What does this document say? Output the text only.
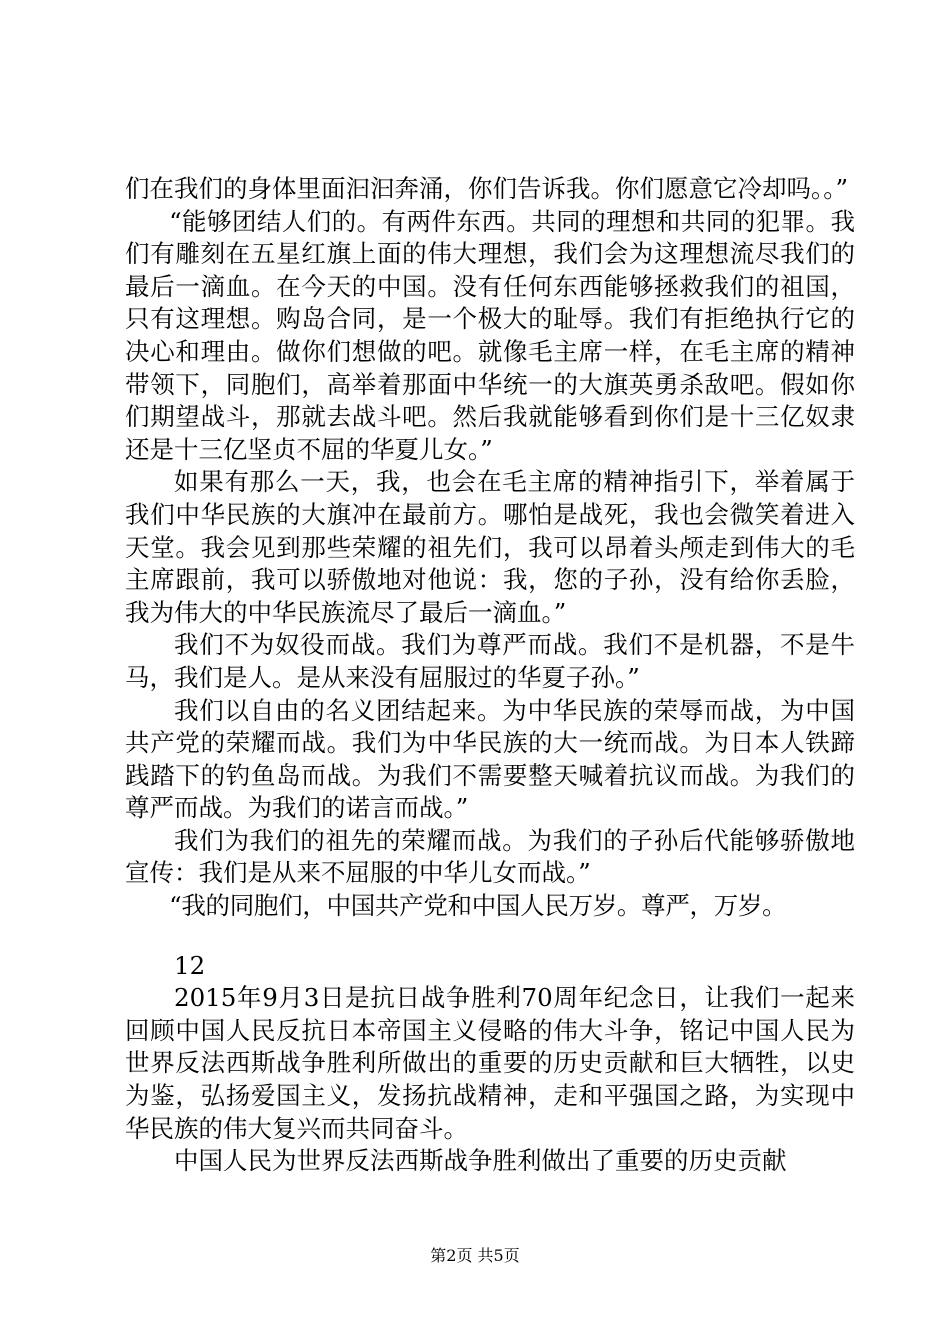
们在我们的身体里面汩汩奔涌，你们告诉我。你们愿意它冷却吗。。”

“能够团结人们的。有两件东西。共同的理想和共同的犯罪。我们有雕刻在五星红旗上面的伟大理想，我们会为这理想流尽我们的最后一滴血。在今天的中国。没有任何东西能够拯救我们的祖国，只有这理想。购岛合同，是一个极大的耻辱。我们有拒绝执行它的决心和理由。做你们想做的吧。就像毛主席一样，在毛主席的精神带领下，同胞们，高举着那面中华统一的大旗英勇杀敌吧。假如你们期望战斗，那就去战斗吧。然后我就能够看到你们是十三亿奴隶还是十三亿坚贞不屈的华夏儿女。”

如果有那么一天，我，也会在毛主席的精神指引下，举着属于我们中华民族的大旗冲在最前方。哪怕是战死，我也会微笑着进入天堂。我会见到那些荣耀的祖先们，我可以昂着头颅走到伟大的毛主席跟前，我可以骄傲地对他说：我，您的子孙，没有给你丢脸，我为伟大的中华民族流尽了最后一滴血。”

我们不为奴役而战。我们为尊严而战。我们不是机器，不是牛马，我们是人。是从来没有屈服过的华夏子孙。”

我们以自由的名义团结起来。为中华民族的荣辱而战，为中国共产党的荣耀而战。我们为中华民族的大一统而战。为日本人铁蹄践踏下的钓鱼岛而战。为我们不需要整天喊着抗议而战。为我们的尊严而战。为我们的诺言而战。”

我们为我们的祖先的荣耀而战。为我们的子孙后代能够骄傲地宣传：我们是从来不屈服的中华儿女而战。”

“我的同胞们，中国共产党和中国人民万岁。尊严，万岁。

12

2015年9月3日是抗日战争胜利70周年纪念日，让我们一起来回顾中国人民反抗日本帝国主义侵略的伟大斗争，铭记中国人民为世界反法西斯战争胜利所做出的重要的历史贡献和巨大牺牲，以史为鉴，弘扬爱国主义，发扬抗战精神，走和平强国之路，为实现中华民族的伟大复兴而共同奋斗。

中国人民为世界反法西斯战争胜利做出了重要的历史贡献

第2页 共5页
